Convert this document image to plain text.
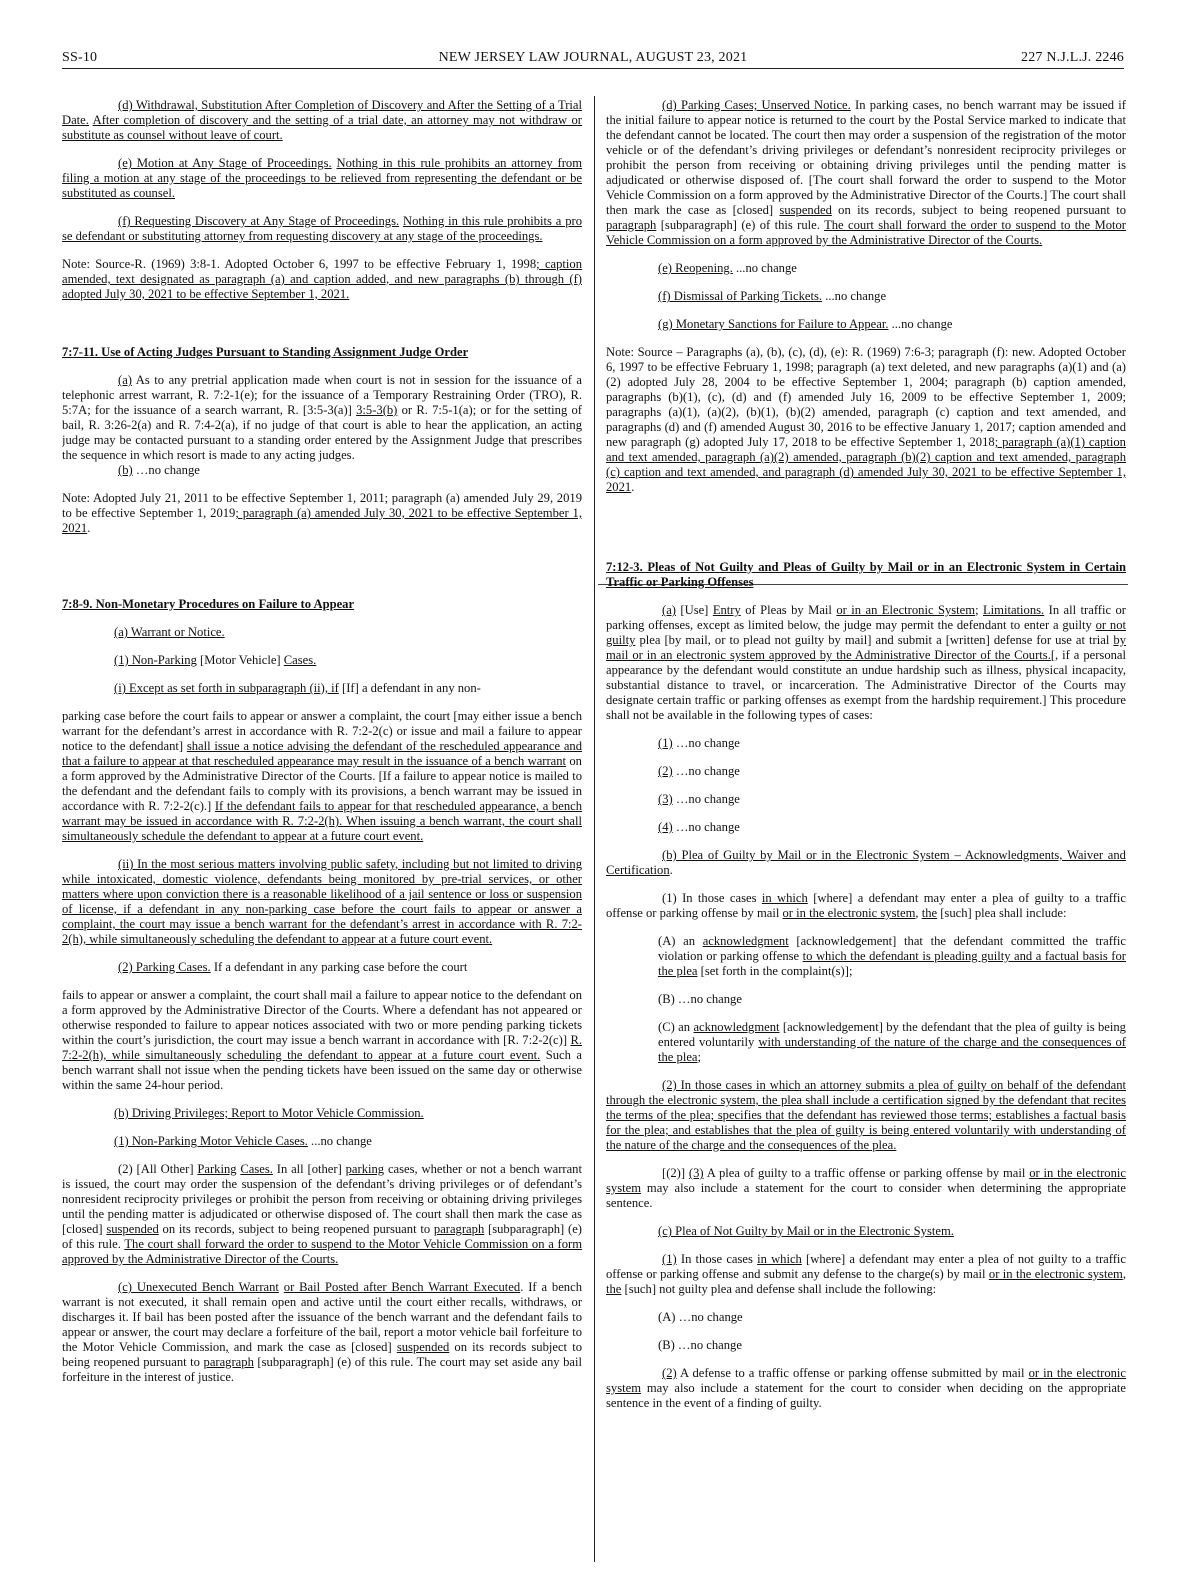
SS-10	NEW JERSEY LAW JOURNAL, AUGUST 23, 2021	227 N.J.L.J. 2246

(d) Withdrawal, Substitution After Completion of Discovery and After the Setting of a Trial Date. After completion of discovery and the setting of a trial date, an attorney may not withdraw or substitute as counsel without leave of court.

(e) Motion at Any Stage of Proceedings. Nothing in this rule prohibits an attorney from filing a motion at any stage of the proceedings to be relieved from representing the defendant or be substituted as counsel.

(f) Requesting Discovery at Any Stage of Proceedings. Nothing in this rule prohibits a pro se defendant or substituting attorney from requesting discovery at any stage of the proceedings.

Note: Source-R. (1969) 3:8-1. Adopted October 6, 1997 to be effective February 1, 1998; caption amended, text designated as paragraph (a) and caption added, and new paragraphs (b) through (f) adopted July 30, 2021 to be effective September 1, 2021.

7:7-11. Use of Acting Judges Pursuant to Standing Assignment Judge Order

(a) As to any pretrial application made when court is not in session for the issuance of a telephonic arrest warrant, R. 7:2-1(e); for the issuance of a Temporary Restraining Order (TRO), R. 5:7A; for the issuance of a search warrant, R. [3:5-3(a)] 3:5-3(b) or R. 7:5-1(a); or for the setting of bail, R. 3:26-2(a) and R. 7:4-2(a), if no judge of that court is able to hear the application, an acting judge may be contacted pursuant to a standing order entered by the Assignment Judge that prescribes the sequence in which resort is made to any acting judges.

(b) …no change

Note: Adopted July 21, 2011 to be effective September 1, 2011; paragraph (a) amended July 29, 2019 to be effective September 1, 2019; paragraph (a) amended July 30, 2021 to be effective September 1, 2021.

7:8-9. Non-Monetary Procedures on Failure to Appear

(a) Warrant or Notice.

(1) Non-Parking [Motor Vehicle] Cases.

(i) Except as set forth in subparagraph (ii), if [If] a defendant in any non-

parking case before the court fails to appear or answer a complaint, the court [may either issue a bench warrant for the defendant’s arrest in accordance with R. 7:2-2(c) or issue and mail a failure to appear notice to the defendant] shall issue a notice advising the defendant of the rescheduled appearance and that a failure to appear at that rescheduled appearance may result in the issuance of a bench warrant on a form approved by the Administrative Director of the Courts. [If a failure to appear notice is mailed to the defendant and the defendant fails to comply with its provisions, a bench warrant may be issued in accordance with R. 7:2-2(c).] If the defendant fails to appear for that rescheduled appearance, a bench warrant may be issued in accordance with R. 7:2-2(h). When issuing a bench warrant, the court shall simultaneously schedule the defendant to appear at a future court event.

(ii) In the most serious matters involving public safety, including but not limited to driving while intoxicated, domestic violence, defendants being monitored by pre-trial services, or other matters where upon conviction there is a reasonable likelihood of a jail sentence or loss or suspension of license, if a defendant in any non-parking case before the court fails to appear or answer a complaint, the court may issue a bench warrant for the defendant’s arrest in accordance with R. 7:2-2(h), while simultaneously scheduling the defendant to appear at a future court event.

(2) Parking Cases. If a defendant in any parking case before the court

fails to appear or answer a complaint, the court shall mail a failure to appear notice to the defendant on a form approved by the Administrative Director of the Courts. Where a defendant has not appeared or otherwise responded to failure to appear notices associated with two or more pending parking tickets within the court’s jurisdiction, the court may issue a bench warrant in accordance with [R. 7:2-2(c)] R. 7:2-2(h), while simultaneously scheduling the defendant to appear at a future court event. Such a bench warrant shall not issue when the pending tickets have been issued on the same day or otherwise within the same 24-hour period.

(b) Driving Privileges; Report to Motor Vehicle Commission.

(1) Non-Parking Motor Vehicle Cases. ...no change

(2) [All Other] Parking Cases. In all [other] parking cases, whether or not a bench warrant is issued, the court may order the suspension of the defendant’s driving privileges or of defendant’s nonresident reciprocity privileges or prohibit the person from receiving or obtaining driving privileges until the pending matter is adjudicated or otherwise disposed of. The court shall then mark the case as [closed] suspended on its records, subject to being reopened pursuant to paragraph [subparagraph] (e) of this rule. The court shall forward the order to suspend to the Motor Vehicle Commission on a form approved by the Administrative Director of the Courts.

(c) Unexecuted Bench Warrant or Bail Posted after Bench Warrant Executed. If a bench warrant is not executed, it shall remain open and active until the court either recalls, withdraws, or discharges it. If bail has been posted after the issuance of the bench warrant and the defendant fails to appear or answer, the court may declare a forfeiture of the bail, report a motor vehicle bail forfeiture to the Motor Vehicle Commission, and mark the case as [closed] suspended on its records subject to being reopened pursuant to paragraph [subparagraph] (e) of this rule. The court may set aside any bail forfeiture in the interest of justice.

(d) Parking Cases; Unserved Notice. In parking cases, no bench warrant may be issued if the initial failure to appear notice is returned to the court by the Postal Service marked to indicate that the defendant cannot be located. The court then may order a suspension of the registration of the motor vehicle or of the defendant’s driving privileges or defendant’s nonresident reciprocity privileges or prohibit the person from receiving or obtaining driving privileges until the pending matter is adjudicated or otherwise disposed of. [The court shall forward the order to suspend to the Motor Vehicle Commission on a form approved by the Administrative Director of the Courts.] The court shall then mark the case as [closed] suspended on its records, subject to being reopened pursuant to paragraph [subparagraph] (e) of this rule. The court shall forward the order to suspend to the Motor Vehicle Commission on a form approved by the Administrative Director of the Courts.

(e) Reopening. ...no change

(f) Dismissal of Parking Tickets. ...no change

(g) Monetary Sanctions for Failure to Appear. ...no change

Note: Source – Paragraphs (a), (b), (c), (d), (e): R. (1969) 7:6-3; paragraph (f): new. Adopted October 6, 1997 to be effective February 1, 1998; paragraph (a) text deleted, and new paragraphs (a)(1) and (a)(2) adopted July 28, 2004 to be effective September 1, 2004; paragraph (b) caption amended, paragraphs (b)(1), (c), (d) and (f) amended July 16, 2009 to be effective September 1, 2009; paragraphs (a)(1), (a)(2), (b)(1), (b)(2) amended, paragraph (c) caption and text amended, and paragraphs (d) and (f) amended August 30, 2016 to be effective January 1, 2017; caption amended and new paragraph (g) adopted July 17, 2018 to be effective September 1, 2018; paragraph (a)(1) caption and text amended, paragraph (a)(2) amended, paragraph (b)(2) caption and text amended, paragraph (c) caption and text amended, and paragraph (d) amended July 30, 2021 to be effective September 1, 2021.

7:12-3. Pleas of Not Guilty and Pleas of Guilty by Mail or in an Electronic System in Certain Traffic or Parking Offenses

(a) [Use] Entry of Pleas by Mail or in an Electronic System; Limitations. In all traffic or parking offenses, except as limited below, the judge may permit the defendant to enter a guilty or not guilty plea [by mail, or to plead not guilty by mail] and submit a [written] defense for use at trial by mail or in an electronic system approved by the Administrative Director of the Courts.[, if a personal appearance by the defendant would constitute an undue hardship such as illness, physical incapacity, substantial distance to travel, or incarceration. The Administrative Director of the Courts may designate certain traffic or parking offenses as exempt from the hardship requirement.] This procedure shall not be available in the following types of cases:

(1) …no change

(2) …no change

(3) …no change

(4) …no change

(b) Plea of Guilty by Mail or in the Electronic System – Acknowledgments, Waiver and Certification.

(1) In those cases in which [where] a defendant may enter a plea of guilty to a traffic offense or parking offense by mail or in the electronic system, the [such] plea shall include:

(A) an acknowledgment [acknowledgement] that the defendant committed the traffic violation or parking offense to which the defendant is pleading guilty and a factual basis for the plea [set forth in the complaint(s)];

(B) …no change

(C) an acknowledgment [acknowledgement] by the defendant that the plea of guilty is being entered voluntarily with understanding of the nature of the charge and the consequences of the plea;

(2) In those cases in which an attorney submits a plea of guilty on behalf of the defendant through the electronic system, the plea shall include a certification signed by the defendant that recites the terms of the plea; specifies that the defendant has reviewed those terms; establishes a factual basis for the plea; and establishes that the plea of guilty is being entered voluntarily with understanding of the nature of the charge and the consequences of the plea.

[(2)] (3) A plea of guilty to a traffic offense or parking offense by mail or in the electronic system may also include a statement for the court to consider when determining the appropriate sentence.

(c) Plea of Not Guilty by Mail or in the Electronic System.

(1) In those cases in which [where] a defendant may enter a plea of not guilty to a traffic offense or parking offense and submit any defense to the charge(s) by mail or in the electronic system, the [such] not guilty plea and defense shall include the following:

(A) …no change

(B) …no change

(2) A defense to a traffic offense or parking offense submitted by mail or in the electronic system may also include a statement for the court to consider when deciding on the appropriate sentence in the event of a finding of guilty.
